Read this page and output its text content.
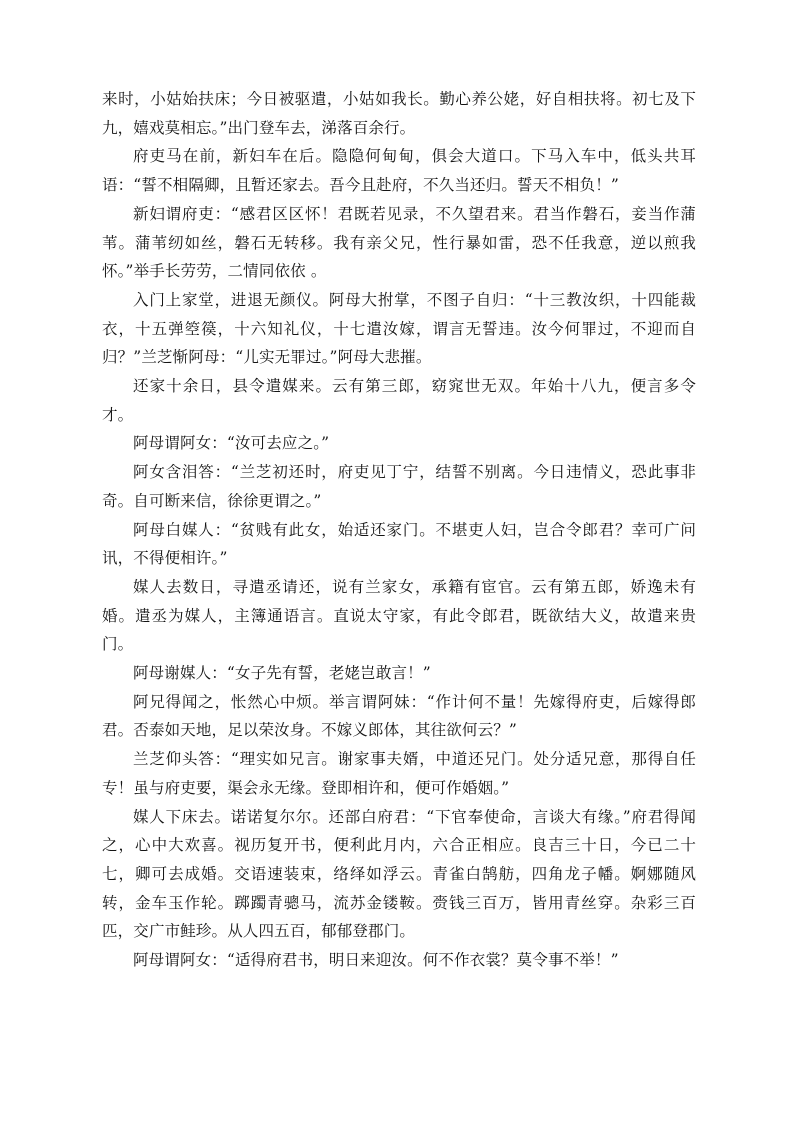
来时，小姑始扶床；今日被驱遣，小姑如我长。勤心养公姥，好自相扶将。初七及下九，嬉戏莫相忘。”出门登车去，涕落百余行。

府吏马在前，新妇车在后。隐隐何甸甸，俱会大道口。下马入车中，低头共耳语：“誓不相隔卿，且暂还家去。吾今且赴府，不久当还归。誓天不相负！”

新妇谓府吏：“感君区区怀！君既若见录，不久望君来。君当作磐石，妾当作蒲苇。蒲苇纫如丝，磐石无转移。我有亲父兄，性行暴如雷，恐不任我意，逆以煎我怀。”举手长劳劳，二情同依依 。

入门上家堂，进退无颜仪。阿母大拊掌，不图子自归：“十三教汝织，十四能裁衣，十五弹箜篌，十六知礼仪，十七遣汝嫁，谓言无誓违。汝今何罪过，不迎而自归？”兰芝惭阿母：“儿实无罪过。”阿母大悲摧。

还家十余日，县令遣媒来。云有第三郎，窈窕世无双。年始十八九，便言多令才。

阿母谓阿女：“汝可去应之。”

阿女含泪答：“兰芝初还时，府吏见丁宁，结誓不别离。今日违情义，恐此事非奇。自可断来信，徐徐更谓之。”

阿母白媒人：“贫贱有此女，始适还家门。不堪吏人妇，岂合令郎君？幸可广问讯，不得便相许。”

媒人去数日，寻遣丞请还，说有兰家女，承籍有宦官。云有第五郎，娇逸未有婚。遣丞为媒人，主簿通语言。直说太守家，有此令郎君，既欲结大义，故遣来贵门。

阿母谢媒人：“女子先有誓，老姥岂敢言！”

阿兄得闻之，怅然心中烦。举言谓阿妹：“作计何不量！先嫁得府吏，后嫁得郎君。否泰如天地，足以荣汝身。不嫁义郎体，其往欲何云？”

兰芝仰头答：“理实如兄言。谢家事夫婿，中道还兄门。处分适兄意，那得自任专！虽与府吏要，渠会永无缘。登即相许和，便可作婚姻。”

媒人下床去。诺诺复尔尔。还部白府君：“下官奉使命，言谈大有缘。”府君得闻之，心中大欢喜。视历复开书，便利此月内，六合正相应。良吉三十日，今已二十七，卿可去成婚。交语速装束，络绎如浮云。青雀白鹄舫，四角龙子幡。婀娜随风转，金车玉作轮。踯躅青骢马，流苏金镂鞍。赍钱三百万，皆用青丝穿。杂彩三百匹，交广市鲑珍。从人四五百，郁郁登郡门。

阿母谓阿女：“适得府君书，明日来迎汝。何不作衣裳？莫令事不举！”
